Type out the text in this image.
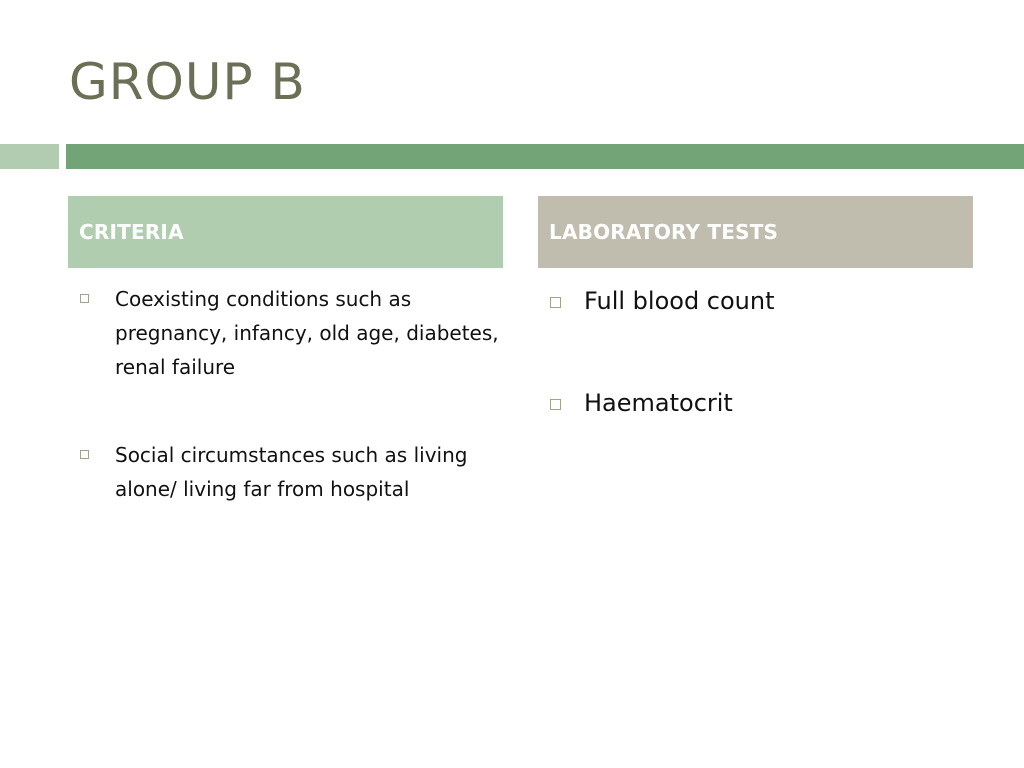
GROUP B
CRITERIA	LABORATORY TESTS
Coexisting conditions such as pregnancy, infancy, old age, diabetes, renal failure
Social circumstances such as living alone/ living far from hospital
Full blood count
Haematocrit
